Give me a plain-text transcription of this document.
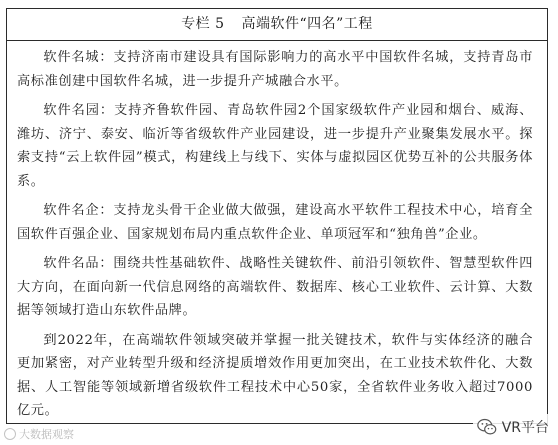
专栏 5 高端软件“四名”工程

软件名城：支持济南市建设具有国际影响力的高水平中国软件名城，支持青岛市高标准创建中国软件名城，进一步提升产城融合水平。

软件名园：支持齐鲁软件园、青岛软件园2个国家级软件产业园和烟台、威海、潍坊、济宁、泰安、临沂等省级软件产业园建设，进一步提升产业聚集发展水平。探索支持“云上软件园”模式，构建线上与线下、实体与虚拟园区优势互补的公共服务体系。

软件名企：支持龙头骨干企业做大做强，建设高水平软件工程技术中心，培育全国软件百强企业、国家规划布局内重点软件企业、单项冠军和“独角兽”企业。

软件名品：围绕共性基础软件、战略性关键软件、前沿引领软件、智慧型软件四大方向，在面向新一代信息网络的高端软件、数据库、核心工业软件、云计算、大数据等领域打造山东软件品牌。

到2022年，在高端软件领域突破并掌握一批关键技术，软件与实体经济的融合更加紧密，对产业转型升级和经济提质增效作用更加突出，在工业技术软件化、大数据、人工智能等领域新增省级软件工程技术中心50家，全省软件业务收入超过7000亿元。

大数据观察	VR平台
